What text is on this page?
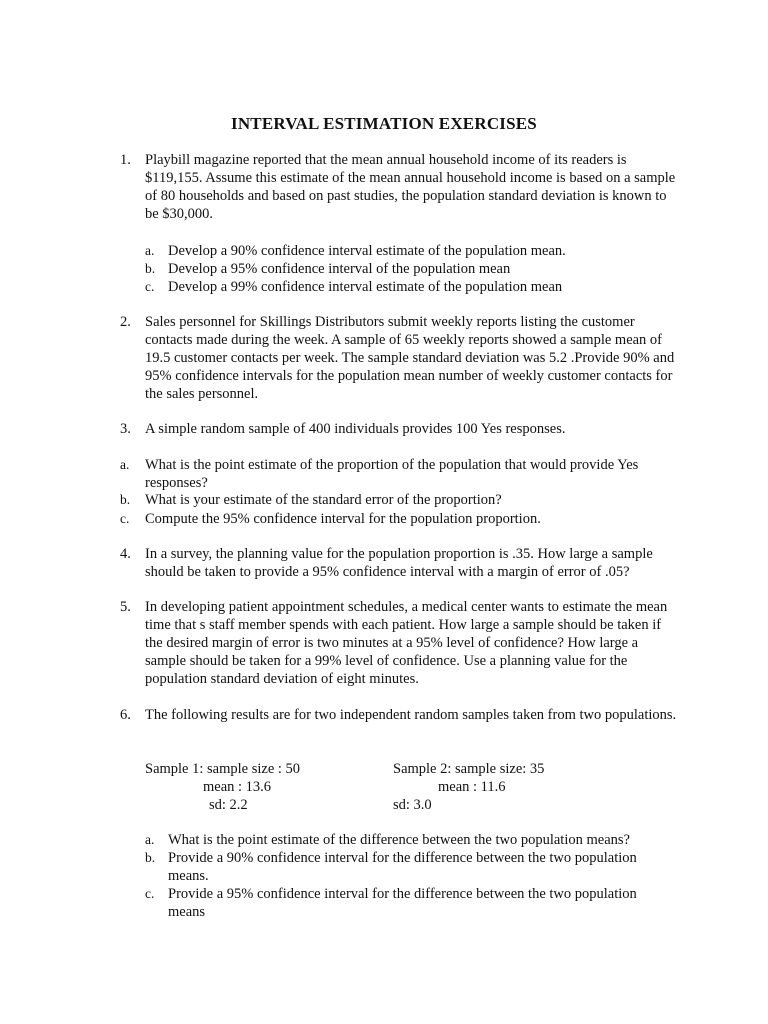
INTERVAL ESTIMATION EXERCISES
1. Playbill magazine reported that the mean annual household income of its readers is $119,155. Assume this estimate of the mean annual household income is based on a sample of 80 households and based on past studies, the population standard deviation is known to be $30,000.
a. Develop a 90% confidence interval estimate of the population mean.
b. Develop a 95% confidence interval of the population mean
c. Develop a 99% confidence interval estimate of the population mean
2. Sales personnel for Skillings Distributors submit weekly reports listing the customer contacts made during the week. A sample of 65 weekly reports showed a sample mean of 19.5 customer contacts per week. The sample standard deviation was 5.2 .Provide 90% and 95% confidence intervals for the population mean number of weekly customer contacts for the sales personnel.
3. A simple random sample of 400 individuals provides 100 Yes responses.
a. What is the point estimate of the proportion of the population that would provide Yes responses?
b. What is your estimate of the standard error of the proportion?
c. Compute the 95% confidence interval for the population proportion.
4. In a survey, the planning value for the population proportion is .35. How large a sample should be taken to provide a 95% confidence interval with a margin of error of .05?
5. In developing patient appointment schedules, a medical center wants to estimate the mean time that s staff member spends with each patient. How large a sample should be taken if the desired margin of error is two minutes at a 95% level of confidence? How large a sample should be taken for a 99% level of confidence. Use a planning value for the population standard deviation of eight minutes.
6. The following results are for two independent random samples taken from two populations.
Sample 1: sample size : 50
mean : 13.6
sd: 2.2
Sample 2: sample size: 35
mean : 11.6
sd: 3.0
a. What is the point estimate of the difference between the two population means?
b. Provide a 90% confidence interval for the difference between the two population means.
c. Provide a 95% confidence interval for the difference between the two population means
